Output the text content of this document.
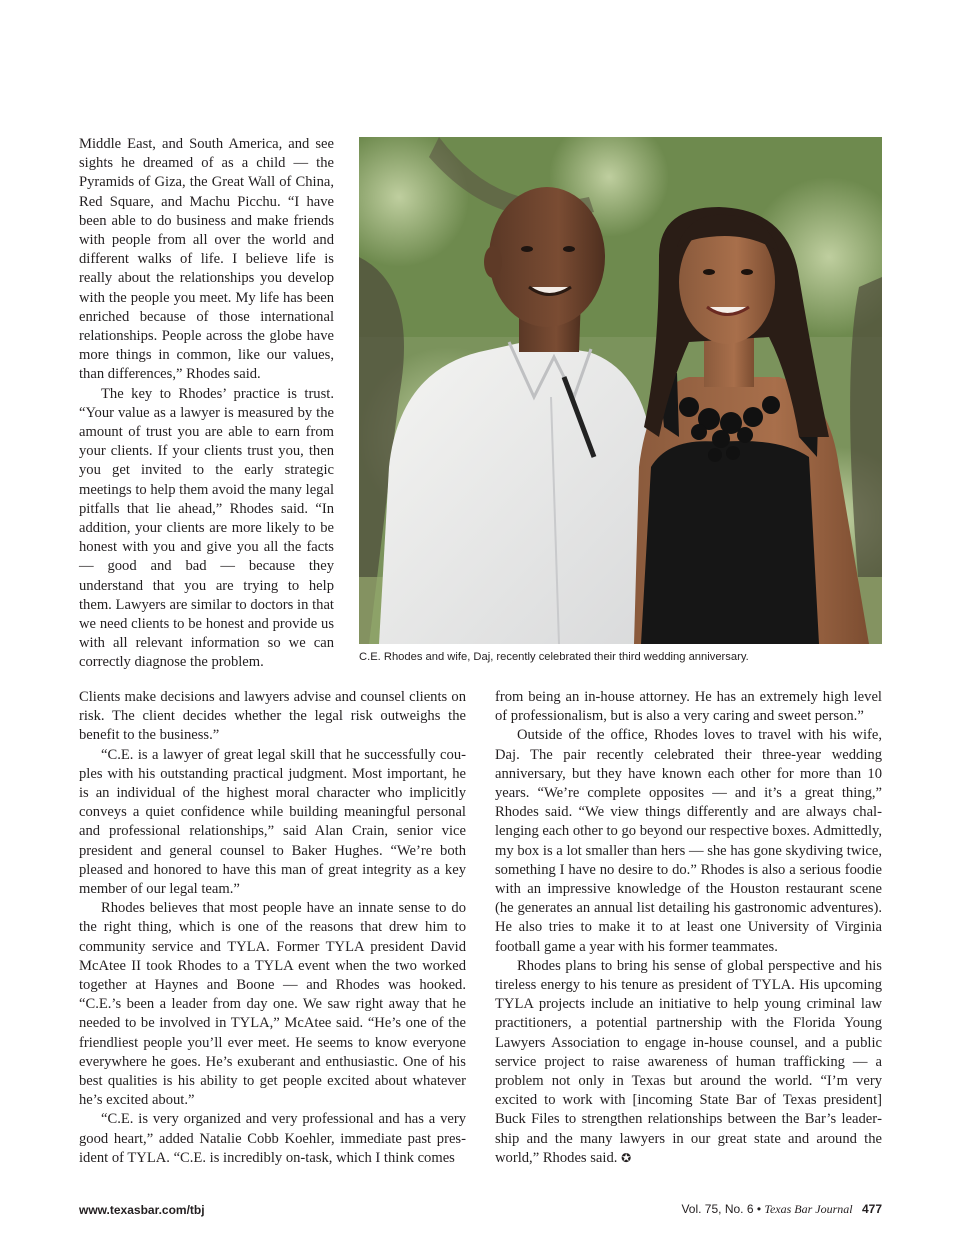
Middle East, and South America, and see sights he dreamed of as a child — the Pyramids of Giza, the Great Wall of China, Red Square, and Machu Picchu. “I have been able to do business and make friends with people from all over the world and different walks of life. I believe life is really about the relationships you develop with the people you meet. My life has been enriched because of those international relationships. People across the globe have more things in common, like our values, than differences,” Rhodes said.

The key to Rhodes’ practice is trust. “Your value as a lawyer is measured by the amount of trust you are able to earn from your clients. If your clients trust you, then you get invited to the early strategic meetings to help them avoid the many legal pitfalls that lie ahead,” Rhodes said. “In addition, your clients are more likely to be honest with you and give you all the facts — good and bad — because they understand that you are trying to help them. Lawyers are similar to doctors in that we need clients to be honest and provide us with all relevant information so we can correctly diagnose the problem.	C.E. Rhodes and wife, Daj, recently celebrated their third wedding anniversary.

Clients make decisions and lawyers advise and counsel clients on risk. The client decides whether the legal risk outweighs the benefit to the business.”

“C.E. is a lawyer of great legal skill that he successfully couples with his outstanding practical judgment. Most important, he is an individual of the highest moral character who implicitly conveys a quiet confidence while building meaningful personal and professional relationships,” said Alan Crain, senior vice president and general counsel to Baker Hughes. “We’re both pleased and honored to have this man of great integrity as a key member of our legal team.”

Rhodes believes that most people have an innate sense to do the right thing, which is one of the reasons that drew him to community service and TYLA. Former TYLA president David McAtee II took Rhodes to a TYLA event when the two worked together at Haynes and Boone — and Rhodes was hooked. “C.E.’s been a leader from day one. We saw right away that he needed to be involved in TYLA,” McAtee said. “He’s one of the friendliest people you’ll ever meet. He seems to know everyone everywhere he goes. He’s exuberant and enthusiastic. One of his best qualities is his ability to get people excited about whatever he’s excited about.”

“C.E. is very organized and very professional and has a very good heart,” added Natalie Cobb Koehler, immediate past president of TYLA. “C.E. is incredibly on-task, which I think comes

from being an in-house attorney. He has an extremely high level of professionalism, but is also a very caring and sweet person.”

Outside of the office, Rhodes loves to travel with his wife, Daj. The pair recently celebrated their three-year wedding anniversary, but they have known each other for more than 10 years. “We’re complete opposites — and it’s a great thing,” Rhodes said. “We view things differently and are always challenging each other to go beyond our respective boxes. Admittedly, my box is a lot smaller than hers — she has gone skydiving twice, something I have no desire to do.” Rhodes is also a serious foodie with an impressive knowledge of the Houston restaurant scene (he generates an annual list detailing his gastronomic adventures). He also tries to make it to at least one University of Virginia football game a year with his former teammates.

Rhodes plans to bring his sense of global perspective and his tireless energy to his tenure as president of TYLA. His upcoming TYLA projects include an initiative to help young criminal law practitioners, a potential partnership with the Florida Young Lawyers Association to engage in-house counsel, and a public service project to raise awareness of human trafficking — a problem not only in Texas but around the world. “I’m very excited to work with [incoming State Bar of Texas president] Buck Files to strengthen relationships between the Bar’s leadership and the many lawyers in our great state and around the world,” Rhodes said. ✪

www.texasbar.com/tbj	Vol. 75, No. 6 • Texas Bar Journal 477
